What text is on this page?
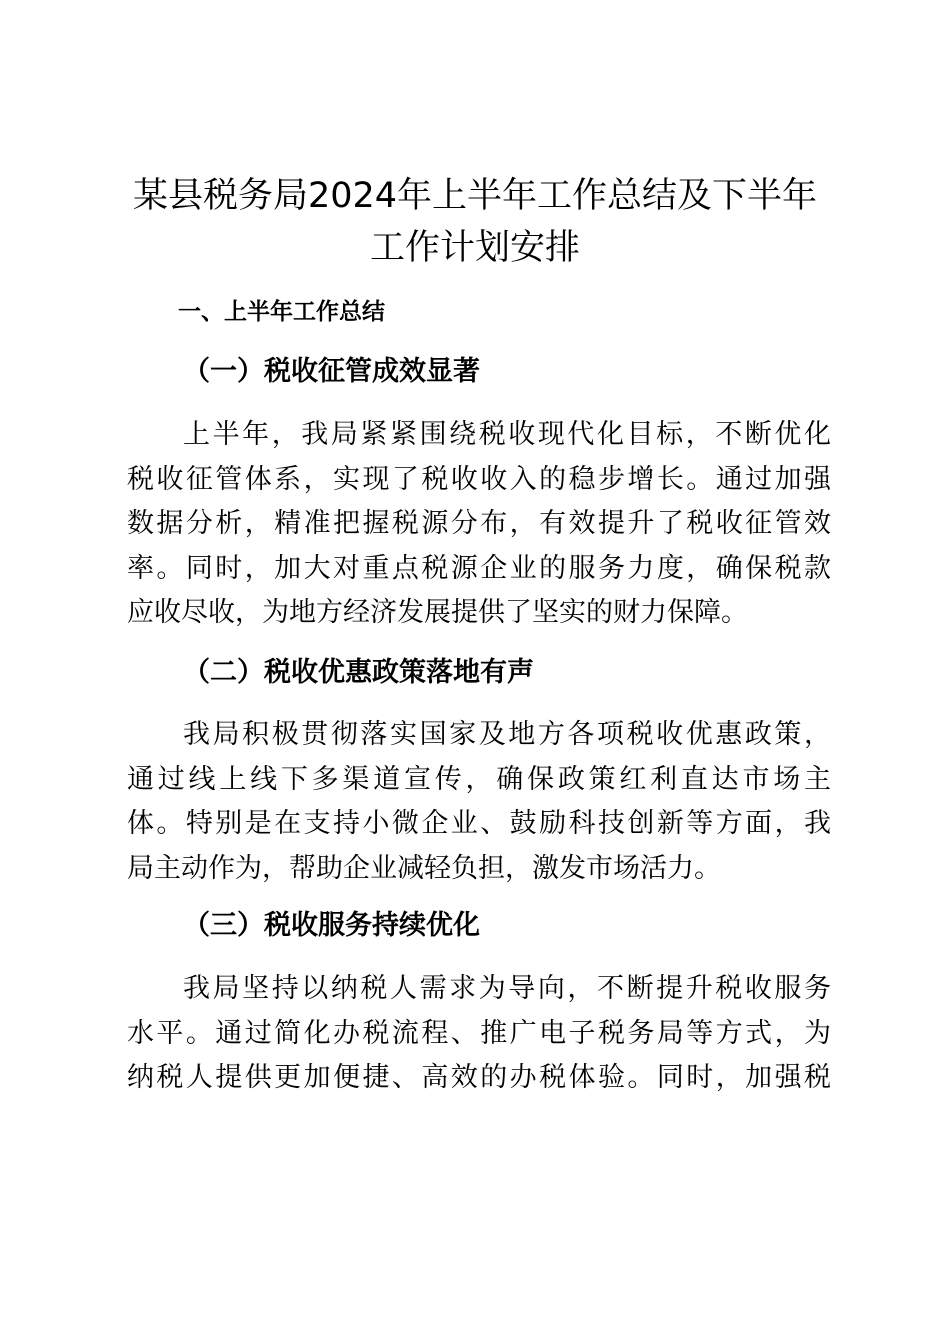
某县税务局2024年上半年工作总结及下半年
工作计划安排
一、上半年工作总结
（一）税收征管成效显著
上半年，我局紧紧围绕税收现代化目标，不断优化
税收征管体系，实现了税收收入的稳步增长。通过加强
数据分析，精准把握税源分布，有效提升了税收征管效
率。同时，加大对重点税源企业的服务力度，确保税款
应收尽收，为地方经济发展提供了坚实的财力保障。
（二）税收优惠政策落地有声
我局积极贯彻落实国家及地方各项税收优惠政策，
通过线上线下多渠道宣传，确保政策红利直达市场主
体。特别是在支持小微企业、鼓励科技创新等方面，我
局主动作为，帮助企业减轻负担，激发市场活力。
（三）税收服务持续优化
我局坚持以纳税人需求为导向，不断提升税收服务
水平。通过简化办税流程、推广电子税务局等方式，为
纳税人提供更加便捷、高效的办税体验。同时，加强税
